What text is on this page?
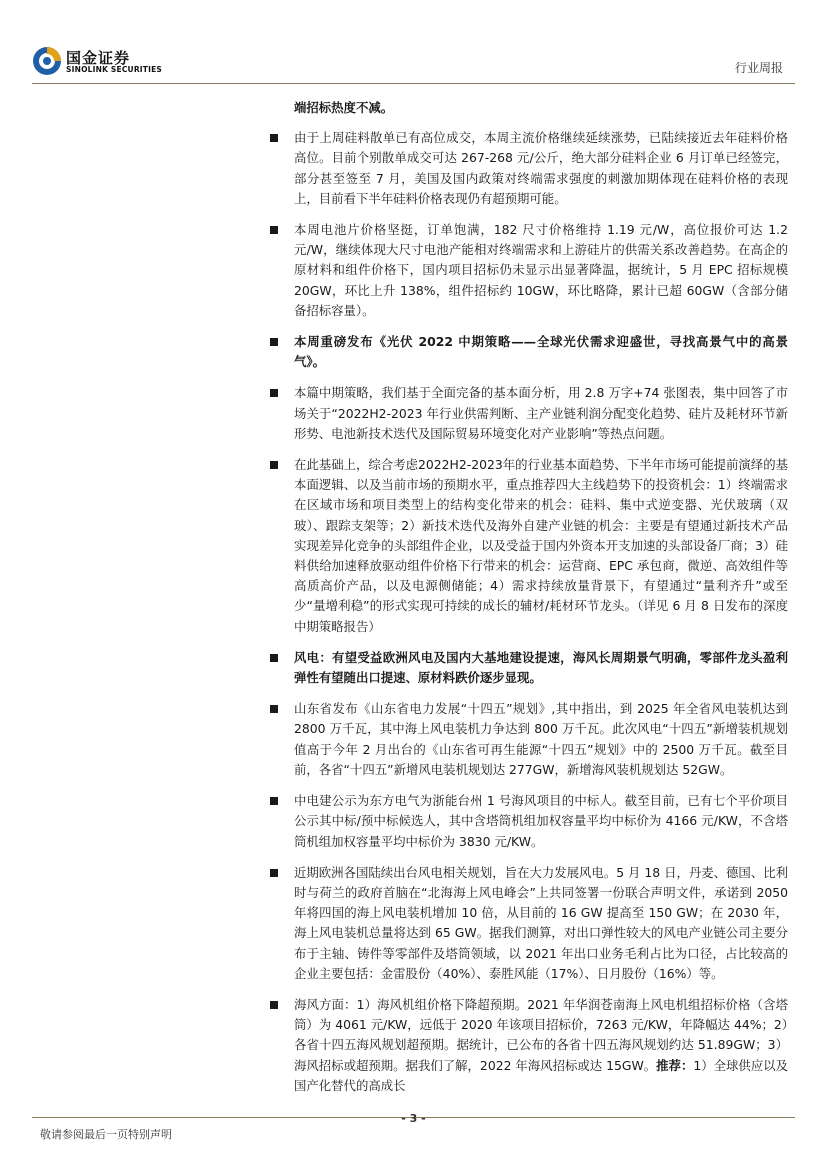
国金证券
SINOLINK SECURITIES	行业周报
端招标热度不减。
由于上周硅料散单已有高位成交，本周主流价格继续延续涨势，已陆续接近去年硅料价格高位。目前个别散单成交可达 267-268 元/公斤，绝大部分硅料企业 6 月订单已经签完，部分甚至签至 7 月，美国及国内政策对终端需求强度的刺激加期体现在硅料价格的表现上，目前看下半年硅料价格表现仍有超预期可能。
本周电池片价格坚挺，订单饱满，182 尺寸价格维持 1.19 元/W，高位报价可达 1.2 元/W，继续体现大尺寸电池产能相对终端需求和上游硅片的供需关系改善趋势。在高企的原材料和组件价格下，国内项目招标仍未显示出显著降温，据统计，5 月 EPC 招标规模 20GW，环比上升 138%，组件招标约 10GW，环比略降，累计已超 60GW（含部分储备招标容量）。
本周重磅发布《光伏 2022 中期策略——全球光伏需求迎盛世，寻找高景气中的高景气》。
本篇中期策略，我们基于全面完备的基本面分析，用 2.8 万字+74 张图表，集中回答了市场关于“2022H2-2023 年行业供需判断、主产业链利润分配变化趋势、硅片及耗材环节新形势、电池新技术迭代及国际贸易环境变化对产业影响”等热点问题。
在此基础上，综合考虑2022H2-2023年的行业基本面趋势、下半年市场可能提前演绎的基本面逻辑、以及当前市场的预期水平，重点推荐四大主线趋势下的投资机会：1）终端需求在区域市场和项目类型上的结构变化带来的机会：硅料、集中式逆变器、光伏玻璃（双玻）、跟踪支架等；2）新技术迭代及海外自建产业链的机会：主要是有望通过新技术产品实现差异化竞争的头部组件企业，以及受益于国内外资本开支加速的头部设备厂商；3）硅料供给加速释放驱动组件价格下行带来的机会：运营商、EPC 承包商，微逆、高效组件等高质高价产品，以及电源侧储能；4）需求持续放量背景下，有望通过“量利齐升”或至少“量增利稳”的形式实现可持续的成长的辅材/耗材环节龙头。（详见 6 月 8 日发布的深度中期策略报告）
风电：有望受益欧洲风电及国内大基地建设提速，海风长周期景气明确，零部件龙头盈利弹性有望随出口提速、原材料跌价逐步显现。
山东省发布《山东省电力发展“十四五”规划》,其中指出，到 2025 年全省风电装机达到 2800 万千瓦，其中海上风电装机力争达到 800 万千瓦。此次风电“十四五”新增装机规划值高于今年 2 月出台的《山东省可再生能源“十四五”规划》中的 2500 万千瓦。截至目前，各省“十四五”新增风电装机规划达 277GW，新增海风装机规划达 52GW。
中电建公示为东方电气为浙能台州 1 号海风项目的中标人。截至目前，已有七个平价项目公示其中标/预中标候选人，其中含塔筒机组加权容量平均中标价为 4166 元/KW，不含塔筒机组加权容量平均中标价为 3830 元/KW。
近期欧洲各国陆续出台风电相关规划，旨在大力发展风电。5 月 18 日，丹麦、德国、比利时与荷兰的政府首脑在“北海海上风电峰会”上共同签署一份联合声明文件，承诺到 2050 年将四国的海上风电装机增加 10 倍，从目前的 16 GW 提高至 150 GW；在 2030 年，海上风电装机总量将达到 65 GW。据我们测算，对出口弹性较大的风电产业链公司主要分布于主轴、铸件等零部件及塔筒领域，以 2021 年出口业务毛利占比为口径，占比较高的企业主要包括：金雷股份（40%）、泰胜风能（17%）、日月股份（16%）等。
海风方面：1）海风机组价格下降超预期。2021 年华润苍南海上风电机组招标价格（含塔筒）为 4061 元/KW，远低于 2020 年该项目招标价，7263 元/KW，年降幅达 44%；2）各省十四五海风规划超预期。据统计，已公布的各省十四五海风规划约达 51.89GW；3）海风招标或超预期。据我们了解，2022 年海风招标或达 15GW。推荐：1）全球供应以及国产化替代的高成长
- 3 -
敬请参阅最后一页特别声明
